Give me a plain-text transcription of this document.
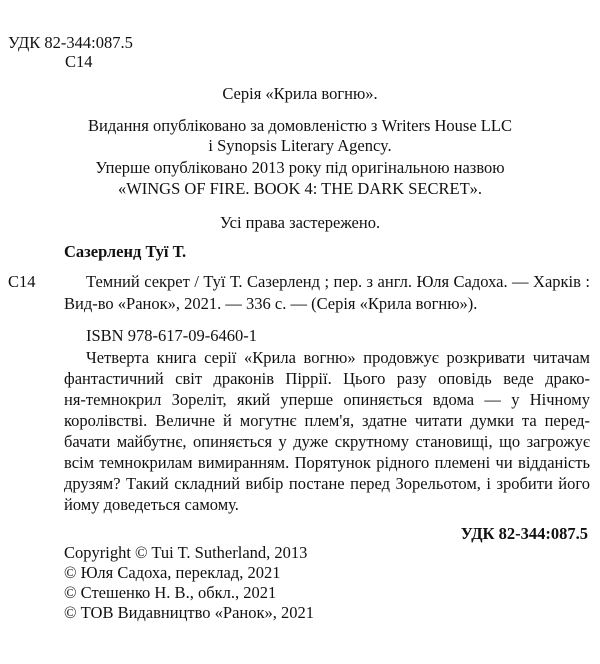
УДК 82-344:087.5
С14
Серія «Крила вогню».
Видання опубліковано за домовленістю з Writers House LLC
і Synopsis Literary Agency.
Уперше опубліковано 2013 року під оригінальною назвою
«WINGS OF FIRE. BOOK 4: THE DARK SECRET».
Усі права застережено.
Сазерленд Туї Т.
С14	Темний секрет / Туї Т. Сазерленд ; пер. з англ. Юля Садоха. — Харків :
Вид-во «Ранок», 2021. — 336 с. — (Серія «Крила вогню»).
ISBN 978-617-09-6460-1
Четверта книга серії «Крила вогню» продовжує розкривати читачам
фантастичний світ драконів Піррії. Цього разу оповідь веде драко-
ня-темнокрил Зореліт, який уперше опиняється вдома — у Нічному
королівстві. Величне й могутнє плем'я, здатне читати думки та перед-
бачати майбутнє, опиняється у дуже скрутному становищі, що загрожує
всім темнокрилам вимиранням. Порятунок рідного племені чи відданість
друзям? Такий складний вибір постане перед Зорельотом, і зробити його
йому доведеться самому.
УДК 82-344:087.5
Copyright © Tui T. Sutherland, 2013
© Юля Садоха, переклад, 2021
© Стешенко Н. В., обкл., 2021
© ТОВ Видавництво «Ранок», 2021
